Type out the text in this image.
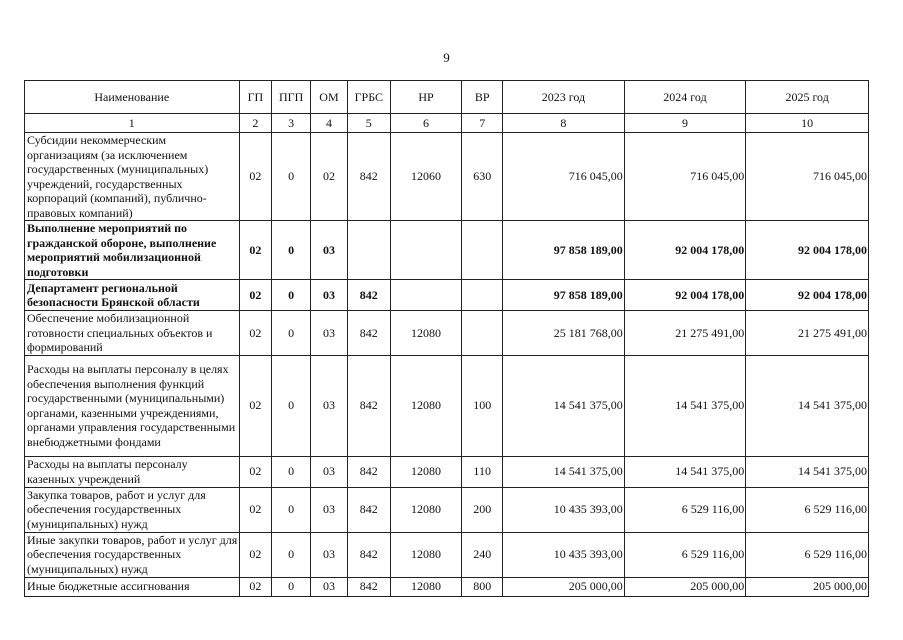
9
Наименование	ГП	ПГП	ОМ	ГРБС	НР	ВР	2023 год	2024 год	2025 год
1	2	3	4	5	6	7	8	9	10
Субсидии некоммерческим организациям (за исключением государственных (муниципальных) учреждений, государственных корпораций (компаний), публично-правовых компаний)	02	0	02	842	12060	630	716 045,00	716 045,00	716 045,00
Выполнение мероприятий по гражданской обороне, выполнение мероприятий мобилизационной подготовки	02	0	03				97 858 189,00	92 004 178,00	92 004 178,00
Департамент региональной безопасности Брянской области	02	0	03	842			97 858 189,00	92 004 178,00	92 004 178,00
Обеспечение мобилизационной готовности специальных объектов и формирований	02	0	03	842	12080		25 181 768,00	21 275 491,00	21 275 491,00
Расходы на выплаты персоналу в целях обеспечения выполнения функций государственными (муниципальными) органами, казенными учреждениями, органами управления государственными внебюджетными фондами	02	0	03	842	12080	100	14 541 375,00	14 541 375,00	14 541 375,00
Расходы на выплаты персоналу казенных учреждений	02	0	03	842	12080	110	14 541 375,00	14 541 375,00	14 541 375,00
Закупка товаров, работ и услуг для обеспечения государственных (муниципальных) нужд	02	0	03	842	12080	200	10 435 393,00	6 529 116,00	6 529 116,00
Иные закупки товаров, работ и услуг для обеспечения государственных (муниципальных) нужд	02	0	03	842	12080	240	10 435 393,00	6 529 116,00	6 529 116,00
Иные бюджетные ассигнования	02	0	03	842	12080	800	205 000,00	205 000,00	205 000,00
